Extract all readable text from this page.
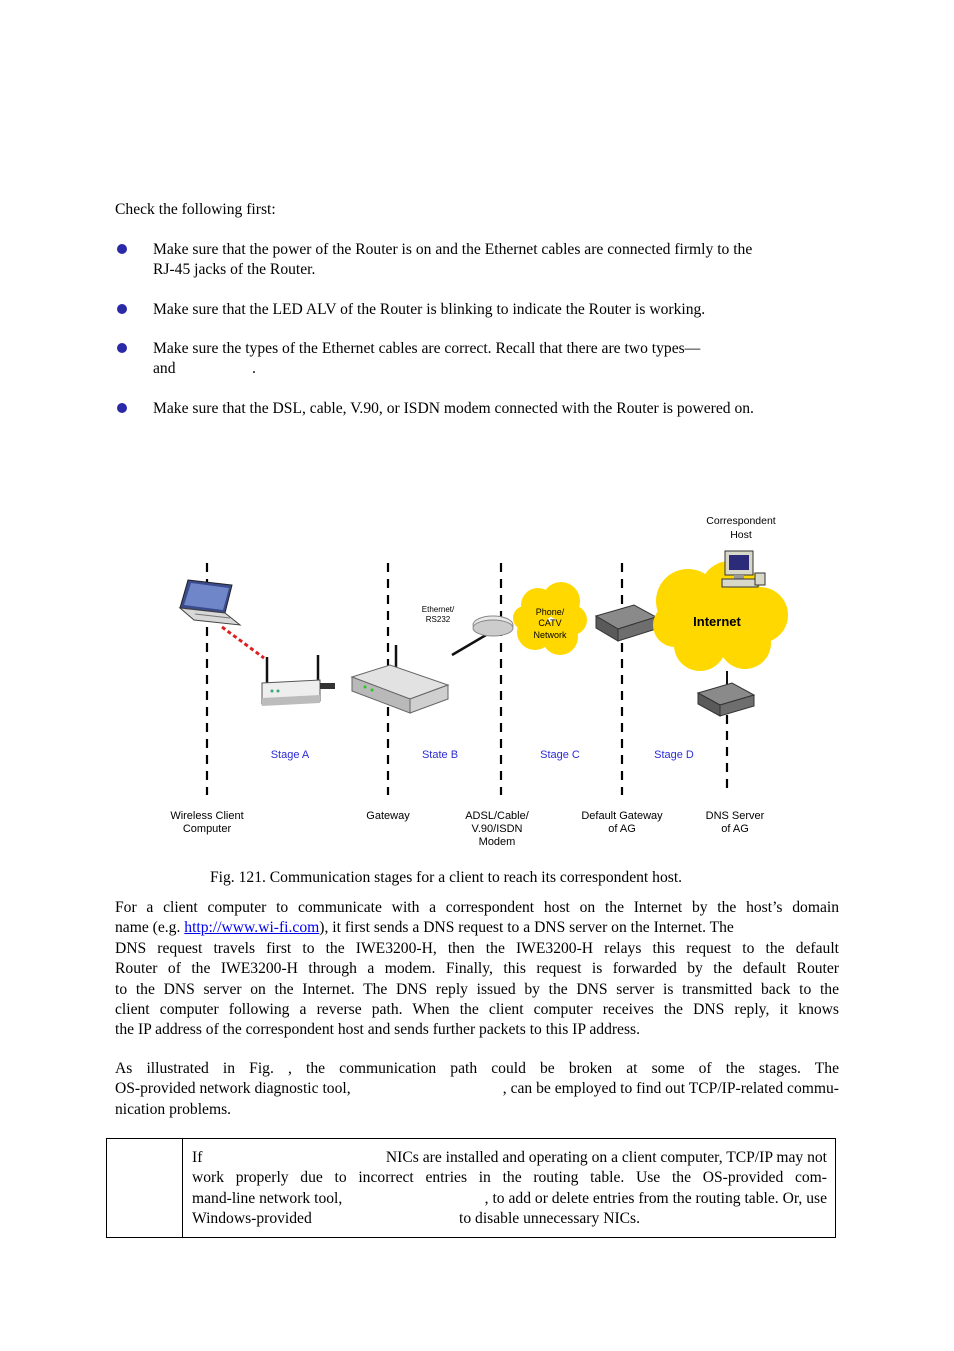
Check the following first:
Make sure that the power of the Router is on and the Ethernet cables are connected firmly to the
RJ-45 jacks of the Router.
Make sure that the LED ALV of the Router is blinking to indicate the Router is working.
Make sure the types of the Ethernet cables are correct. Recall that there are two types—
and	.
Make sure that the DSL, cable, V.90, or ISDN modem connected with the Router is powered on.
Correspondent
Host
Ethernet/
RS232
Phone/
CATV
Network
Internet
Stage A	State B	Stage C	Stage D
Wireless Client
Computer
Gateway	ADSL/Cable/
V.90/ISDN
Modem
Default Gateway
of AG
DNS Server
of AG
Fig. 121. Communication stages for a client to reach its correspondent host.
For a client computer to communicate with a correspondent host on the Internet by the host’s domain
name (e.g. http://www.wi-fi.com), it first sends a DNS request to a DNS server on the Internet. The
DNS request travels first to the IWE3200-H, then the IWE3200-H relays this request to the default
Router of the IWE3200-H through a modem. Finally, this request is forwarded by the default Router
to the DNS server on the Internet. The DNS reply issued by the DNS server is transmitted back to the
client computer following a reverse path. When the client computer receives the DNS reply, it knows
the IP address of the correspondent host and sends further packets to this IP address.
As illustrated in Fig. , the communication path could be broken at some of the stages. The
OS-provided network diagnostic tool,	, can be employed to find out TCP/IP-related commu-
nication problems.
If	NICs are installed and operating on a client computer, TCP/IP may not
work properly due to incorrect entries in the routing table. Use the OS-provided com-
mand-line network tool,	, to add or delete entries from the routing table. Or, use
Windows-provided	to disable unnecessary NICs.
